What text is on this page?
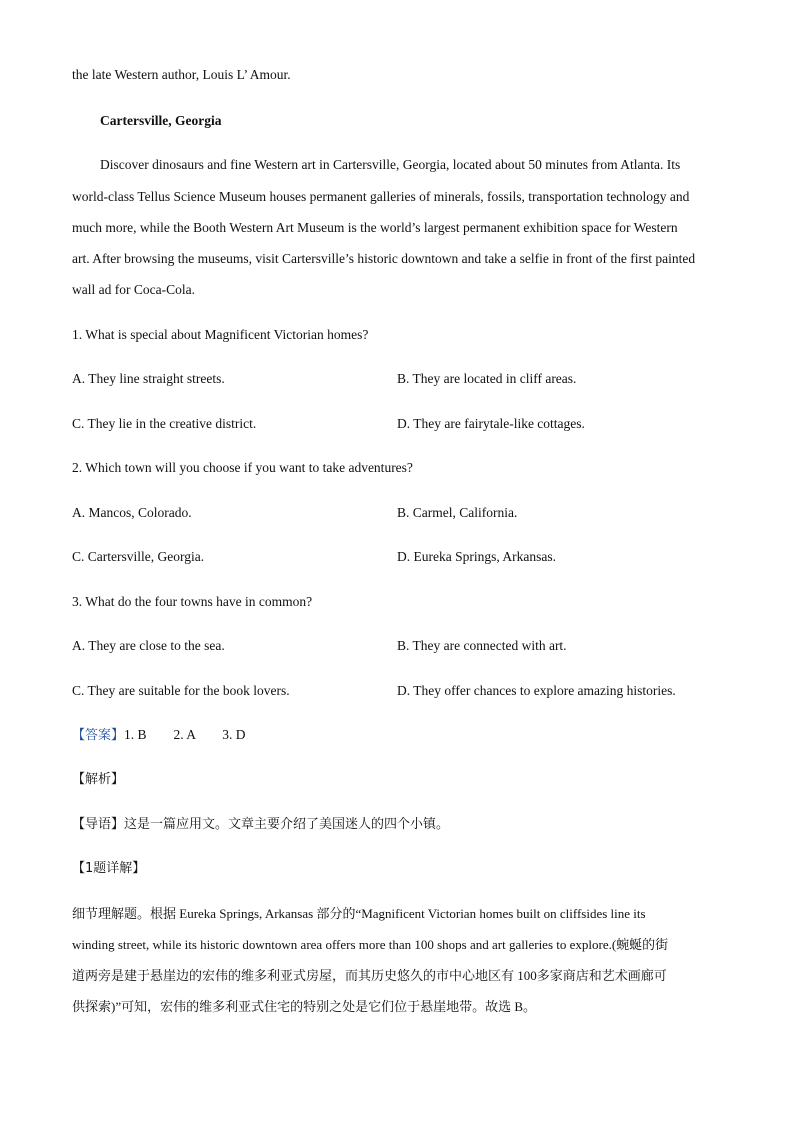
the late Western author, Louis L’ Amour.
Cartersville, Georgia
Discover dinosaurs and fine Western art in Cartersville, Georgia, located about 50 minutes from Atlanta. Its
world-class Tellus Science Museum houses permanent galleries of minerals, fossils, transportation technology and
much more, while the Booth Western Art Museum is the world’s largest permanent exhibition space for Western
art. After browsing the museums, visit Cartersville’s historic downtown and take a selfie in front of the first painted
wall ad for Coca-Cola.
1. What is special about Magnificent Victorian homes?
A. They line straight streets.	B. They are located in cliff areas.
C. They lie in the creative district.	D. They are fairytale-like cottages.
2. Which town will you choose if you want to take adventures?
A. Mancos, Colorado.	B. Carmel, California.
C. Cartersville, Georgia.	D. Eureka Springs, Arkansas.
3. What do the four towns have in common?
A. They are close to the sea.	B. They are connected with art.
C. They are suitable for the book lovers.	D. They offer chances to explore amazing histories.
【答案】1. B        2. A        3. D
【解析】
【导语】这是一篇应用文。文章主要介绍了美国迷人的四个小镇。
【1题详解】
细节理解题。根据 Eureka Springs, Arkansas 部分的“Magnificent Victorian homes built on cliffsides line its
winding street, while its historic downtown area offers more than 100 shops and art galleries to explore.(蜿蜒的街
道两旁是建于悬崖边的宏伟的维多利亚式房屋，而其历史悠久的市中心地区有 100多家商店和艺术画廊可
供探索)”可知，宏伟的维多利亚式住宅的特别之处是它们位于悬崖地带。故选 B。
